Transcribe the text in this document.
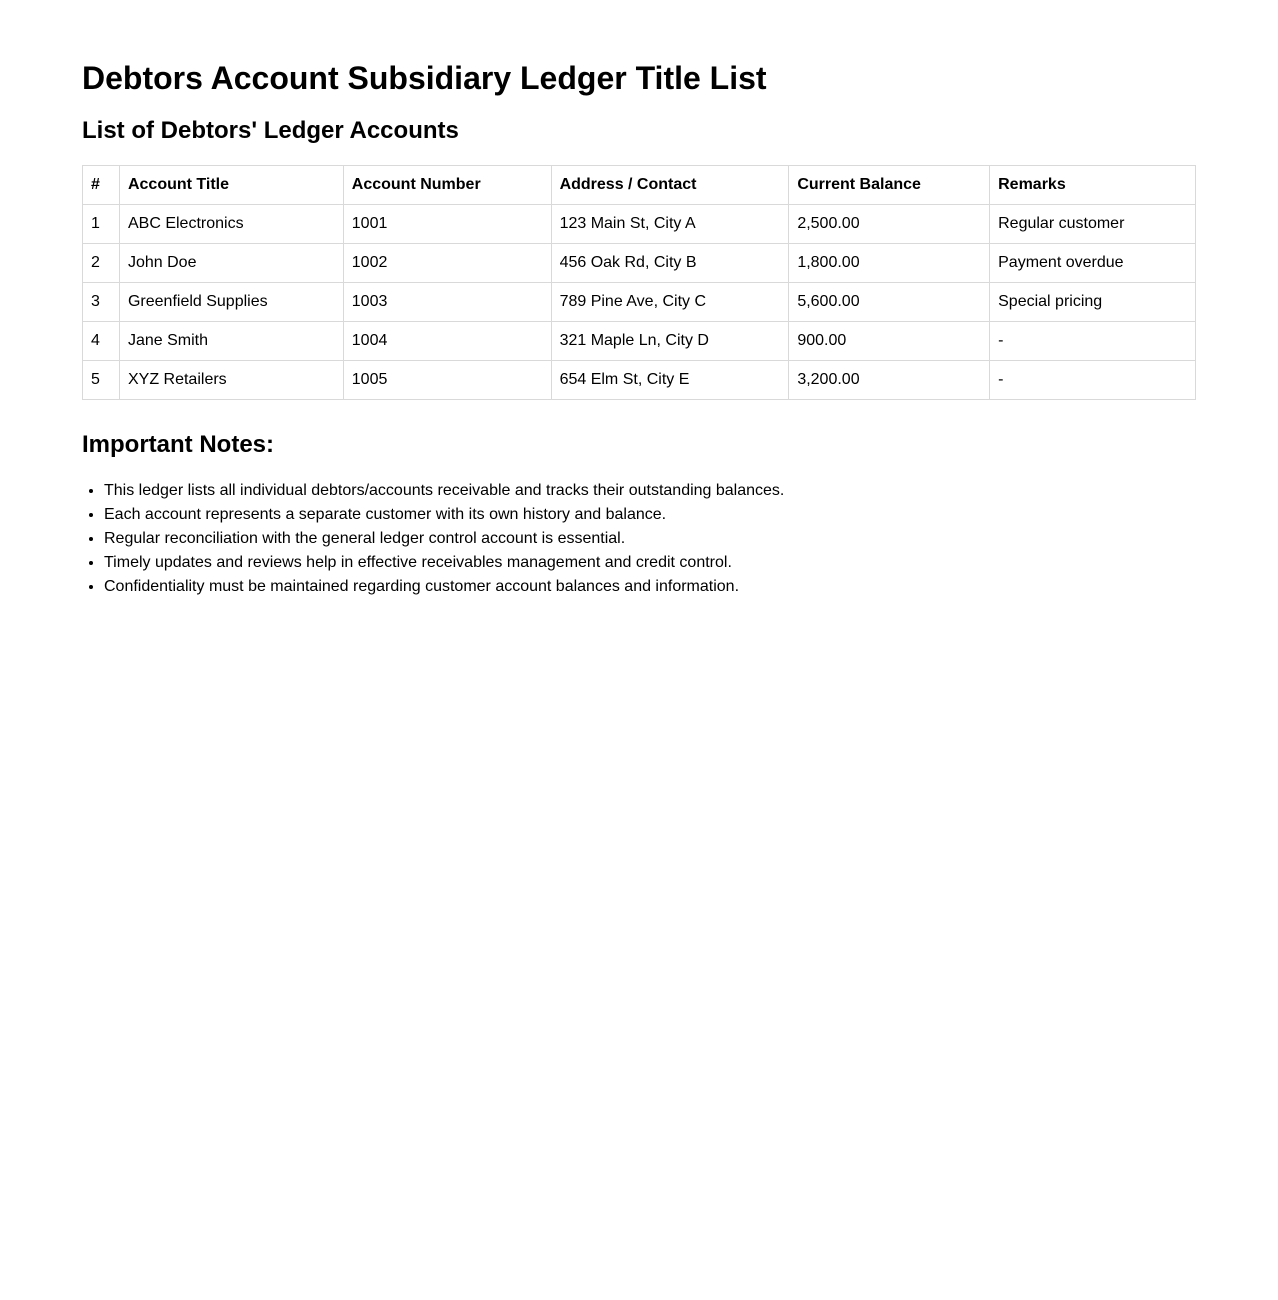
Debtors Account Subsidiary Ledger Title List
List of Debtors' Ledger Accounts
#	Account Title	Account Number	Address / Contact	Current Balance	Remarks
1	ABC Electronics	1001	123 Main St, City A	2,500.00	Regular customer
2	John Doe	1002	456 Oak Rd, City B	1,800.00	Payment overdue
3	Greenfield Supplies	1003	789 Pine Ave, City C	5,600.00	Special pricing
4	Jane Smith	1004	321 Maple Ln, City D	900.00	-
5	XYZ Retailers	1005	654 Elm St, City E	3,200.00	-
Important Notes:
• This ledger lists all individual debtors/accounts receivable and tracks their outstanding balances.
• Each account represents a separate customer with its own history and balance.
• Regular reconciliation with the general ledger control account is essential.
• Timely updates and reviews help in effective receivables management and credit control.
• Confidentiality must be maintained regarding customer account balances and information.
